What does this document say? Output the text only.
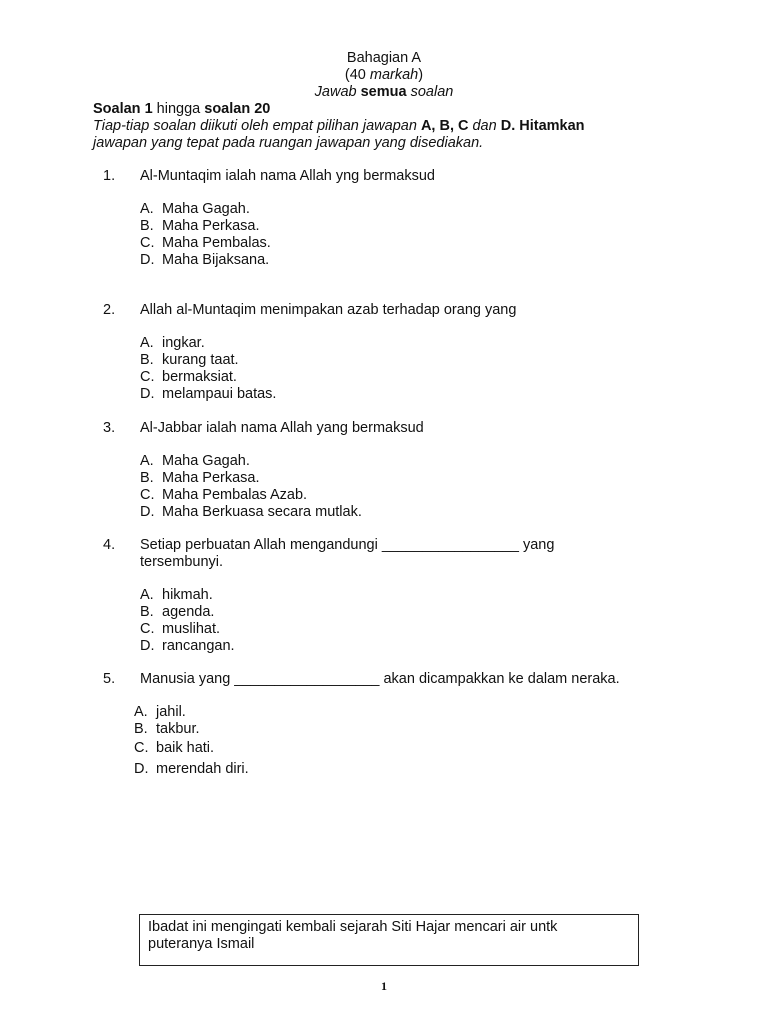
Bahagian A
(40 markah)
Jawab semua soalan
Soalan 1 hingga soalan 20
Tiap-tiap soalan diikuti oleh empat pilihan jawapan A, B, C dan D. Hitamkan
jawapan yang tepat pada ruangan jawapan yang disediakan.
1. Al-Muntaqim ialah nama Allah yng bermaksud
A. Maha Gagah.
B. Maha Perkasa.
C. Maha Pembalas.
D. Maha Bijaksana.
2. Allah al-Muntaqim menimpakan azab terhadap orang yang
A. ingkar.
B. kurang taat.
C. bermaksiat.
D. melampaui batas.
3. Al-Jabbar ialah nama Allah yang bermaksud
A. Maha Gagah.
B. Maha Perkasa.
C. Maha Pembalas Azab.
D. Maha Berkuasa secara mutlak.
4. Setiap perbuatan Allah mengandungi _________________ yang
tersembunyi.
A. hikmah.
B. agenda.
C. muslihat.
D. rancangan.
5. Manusia yang __________________ akan dicampakkan ke dalam neraka.
A. jahil.
B. takbur.
C. baik hati.
D. merendah diri.
Ibadat ini mengingati kembali sejarah Siti Hajar mencari air untk
puteranya Ismail
1
